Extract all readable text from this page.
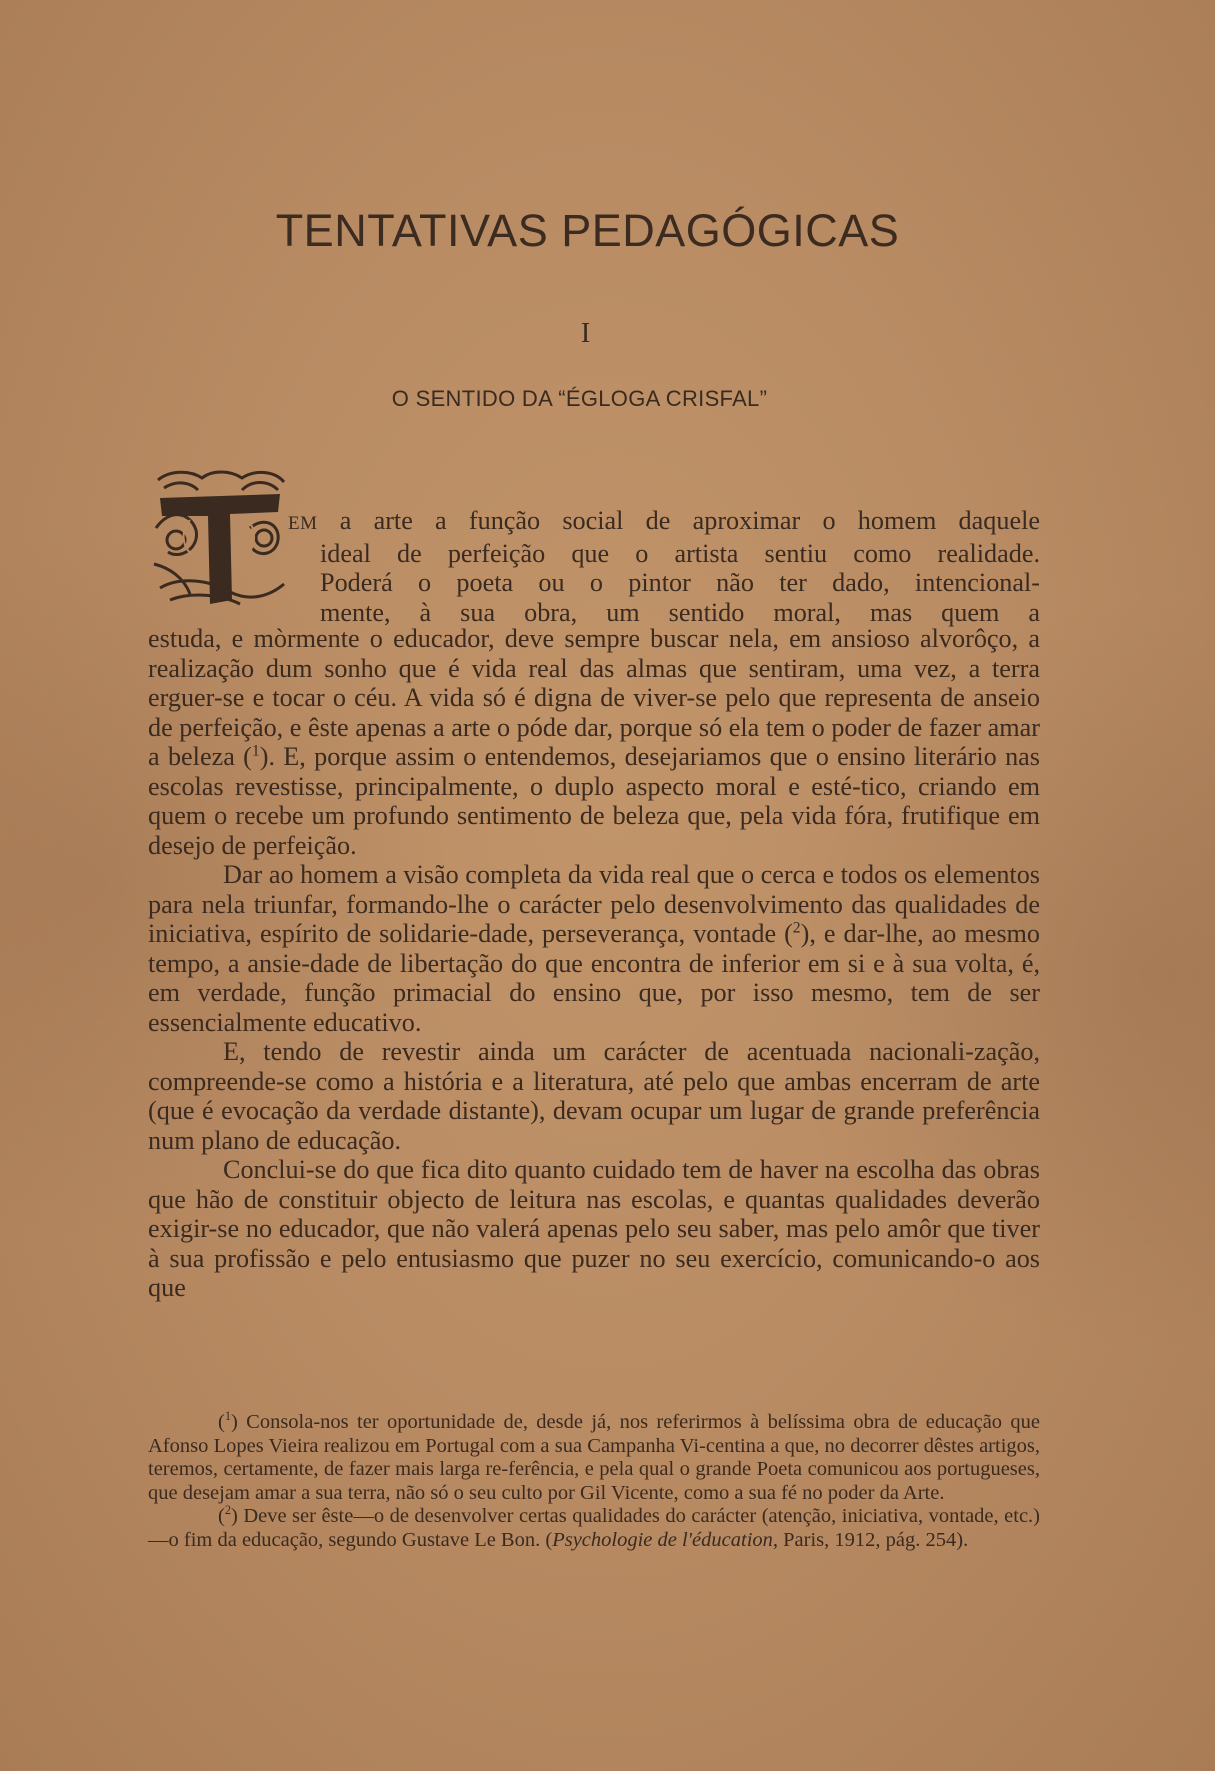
TENTATIVAS PEDAGÓGICAS
I
O SENTIDO DA “ÉGLOGA CRISFAL”
EM a arte a função social de aproximar o homem daquele
ideal de perfeição que o artista sentiu como realidade.
Poderá o poeta ou o pintor não ter dado, intencional-
mente, à sua obra, um sentido moral, mas quem a

estuda, e mòrmente o educador, deve sempre buscar nela, em ansioso alvorôço, a realização dum sonho que é vida real das almas que sentiram, uma vez, a terra erguer-se e tocar o céu. A vida só é digna de viver-se pelo que representa de anseio de perfeição, e êste apenas a arte o póde dar, porque só ela tem o poder de fazer amar a beleza ($^1$). E, porque assim o entendemos, desejariamos que o ensino literário nas escolas revestisse, principalmente, o duplo aspecto moral e esté-tico, criando em quem o recebe um profundo sentimento de beleza que, pela vida fóra, frutifique em desejo de perfeição.

Dar ao homem a visão completa da vida real que o cerca e todos os elementos para nela triunfar, formando-lhe o carácter pelo desenvolvimento das qualidades de iniciativa, espírito de solidarie-dade, perseverança, vontade ($^2$), e dar-lhe, ao mesmo tempo, a ansie-dade de libertação do que encontra de inferior em si e à sua volta, é, em verdade, função primacial do ensino que, por isso mesmo, tem de ser essencialmente educativo.

E, tendo de revestir ainda um carácter de acentuada nacionali-zação, compreende-se como a história e a literatura, até pelo que ambas encerram de arte (que é evocação da verdade distante), devam ocupar um lugar de grande preferência num plano de educação.

Conclui-se do que fica dito quanto cuidado tem de haver na escolha das obras que hão de constituir objecto de leitura nas escolas, e quantas qualidades deverão exigir-se no educador, que não valerá apenas pelo seu saber, mas pelo amôr que tiver à sua profissão e pelo entusiasmo que puzer no seu exercício, comunicando-o aos que

($^1$) Consola-nos ter oportunidade de, desde já, nos referirmos à belíssima obra de educação que Afonso Lopes Vieira realizou em Portugal com a sua Campanha Vi-centina a que, no decorrer dêstes artigos, teremos, certamente, de fazer mais larga re-ferência, e pela qual o grande Poeta comunicou aos portugueses, que desejam amar a sua terra, não só o seu culto por Gil Vicente, como a sua fé no poder da Arte.

($^2$) Deve ser êste—o de desenvolver certas qualidades do carácter (atenção, iniciativa, vontade, etc.)—o fim da educação, segundo Gustave Le Bon. (Psychologie de l'éducation, Paris, 1912, pág. 254).
